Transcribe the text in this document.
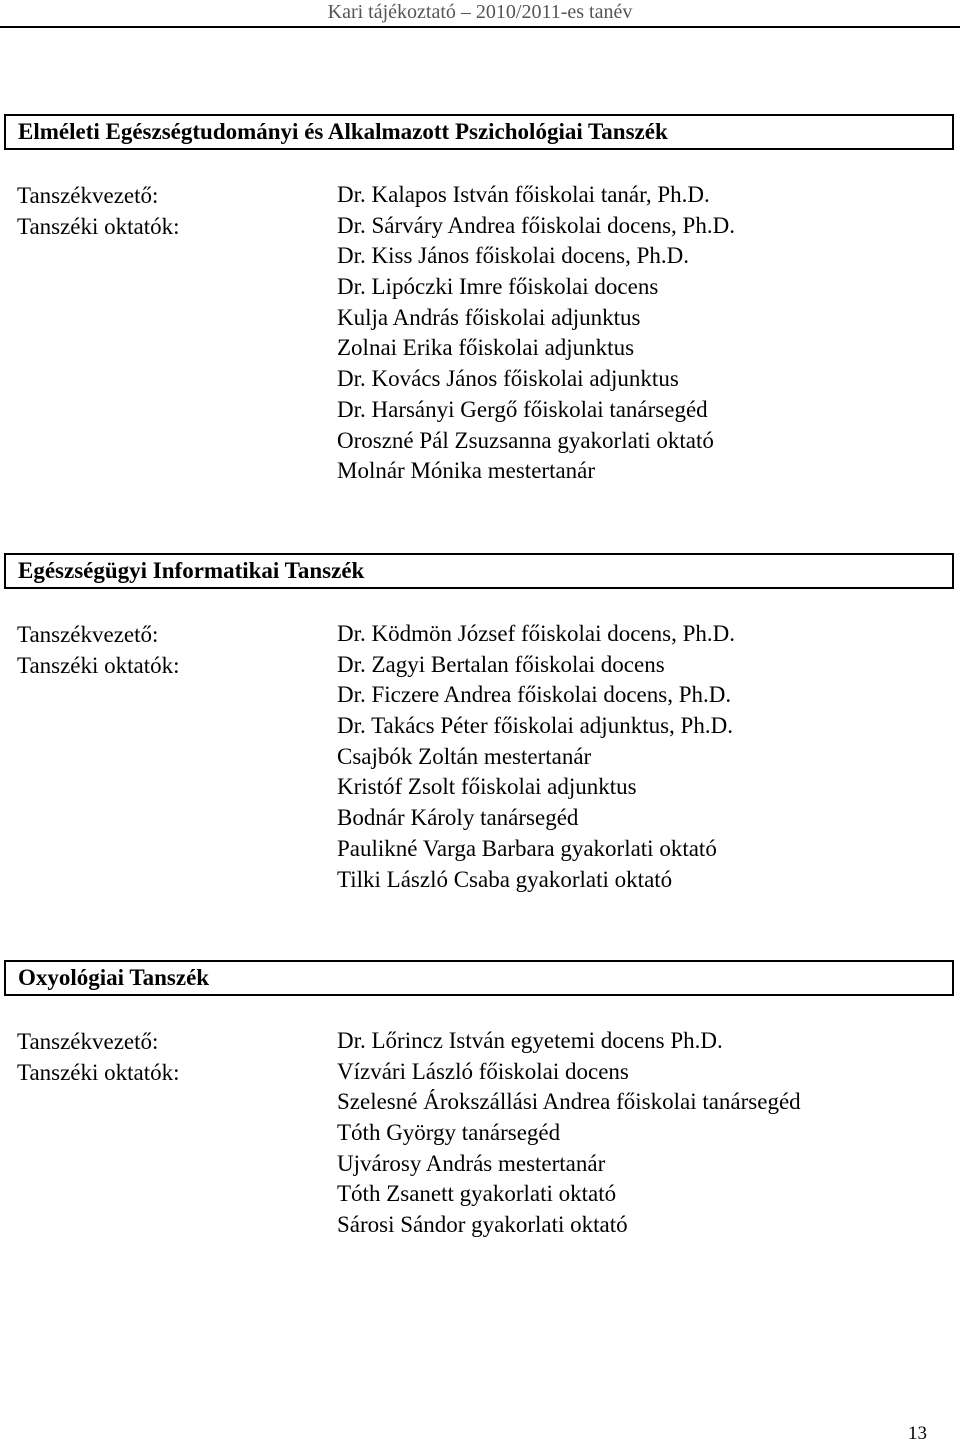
Kari tájékoztató – 2010/2011-es tanév
Elméleti Egészségtudományi és Alkalmazott Pszichológiai Tanszék
Tanszékvezető:
Tanszéki oktatók:
Dr. Kalapos István főiskolai tanár, Ph.D.
Dr. Sárváry Andrea főiskolai docens, Ph.D.
Dr. Kiss János főiskolai docens, Ph.D.
Dr. Lipóczki Imre főiskolai docens
Kulja András főiskolai adjunktus
Zolnai Erika főiskolai adjunktus
Dr. Kovács János főiskolai adjunktus
Dr. Harsányi Gergő főiskolai tanársegéd
Oroszné Pál Zsuzsanna gyakorlati oktató
Molnár Mónika mestertanár
Egészségügyi Informatikai Tanszék
Tanszékvezető:
Tanszéki oktatók:
Dr. Ködmön József főiskolai docens, Ph.D.
Dr. Zagyi Bertalan főiskolai docens
Dr. Ficzere Andrea főiskolai docens, Ph.D.
Dr. Takács Péter főiskolai adjunktus, Ph.D.
Csajbók Zoltán mestertanár
Kristóf Zsolt főiskolai adjunktus
Bodnár Károly tanársegéd
Paulikné Varga Barbara gyakorlati oktató
Tilki László Csaba gyakorlati oktató
Oxyológiai Tanszék
Tanszékvezető:
Tanszéki oktatók:
Dr. Lőrincz István egyetemi docens Ph.D.
Vízvári László főiskolai docens
Szelesné Árokszállási Andrea főiskolai tanársegéd
Tóth György tanársegéd
Ujvárosy András mestertanár
Tóth Zsanett gyakorlati oktató
Sárosi Sándor gyakorlati oktató
13
